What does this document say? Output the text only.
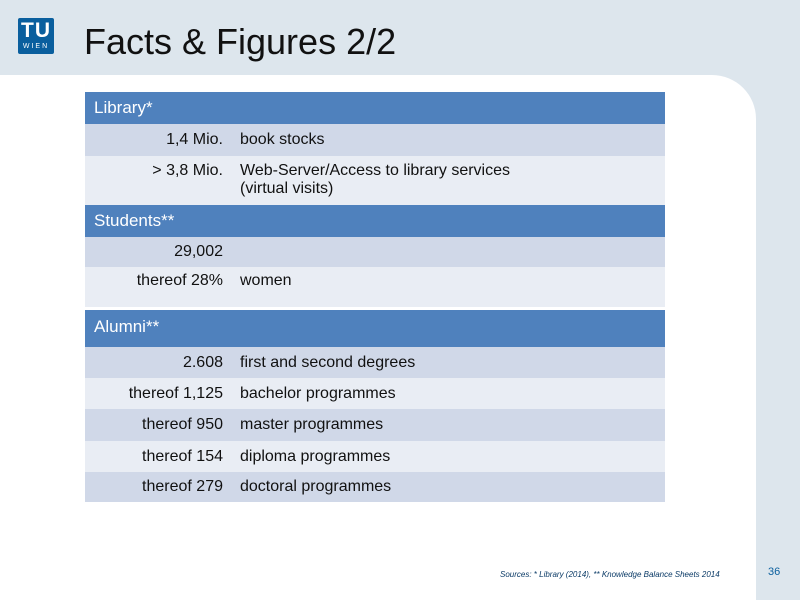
TU
WIEN Facts & Figures 2/2
Library*
1,4 Mio.	book stocks
> 3,8 Mio. Web-Server/Access to library services
(virtual visits)
Students**
29,002
thereof 28%	women
Alumni**
2.608	first and second degrees
thereof 1,125	bachelor programmes
thereof 950	master programmes
thereof 154	diploma programmes
thereof 279	doctoral programmes
Sources: * Library (2014), ** Knowledge Balance Sheets 2014	36
